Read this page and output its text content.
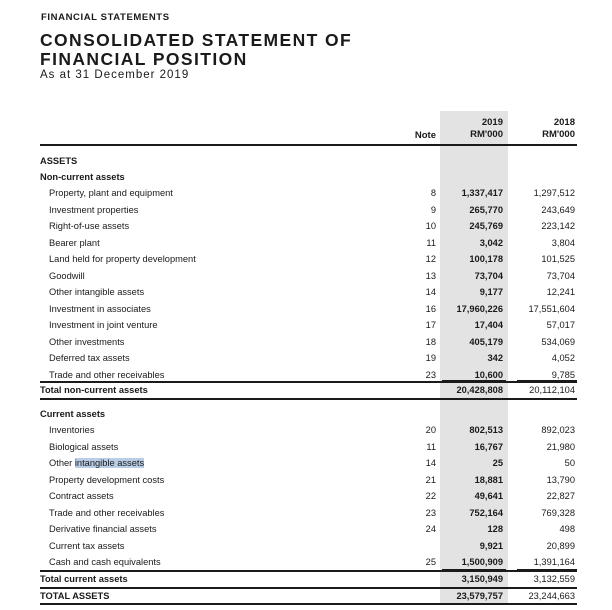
FINANCIAL STATEMENTS
CONSOLIDATED STATEMENT OF
FINANCIAL POSITION
As at 31 December 2019
Note
2019
RM'000
2018
RM'000
ASSETS
Non-current assets
Property, plant and equipment	8	1,337,417	1,297,512
Investment properties	9	265,770	243,649
Right-of-use assets	10	245,769	223,142
Bearer plant	11	3,042	3,804
Land held for property development	12	100,178	101,525
Goodwill	13	73,704	73,704
Other intangible assets	14	9,177	12,241
Investment in associates	16 17,960,226	17,551,604
Investment in joint venture	17	17,404	57,017
Other investments	18	405,179	534,069
Deferred tax assets	19	342	4,052
Trade and other receivables	23	10,600	9,785
Total non-current assets	20,428,808	20,112,104
Current assets
Inventories	20	802,513	892,023
Biological assets	11	16,767	21,980
Other intangible assets	14	25	50
Property development costs	21	18,881	13,790
Contract assets	22	49,641	22,827
Trade and other receivables	23	752,164	769,328
Derivative financial assets	24	128	498
Current tax assets	9,921	20,899
Cash and cash equivalents	25	1,500,909	1,391,164
Total current assets	3,150,949	3,132,559
TOTAL ASSETS	23,579,757	23,244,663
